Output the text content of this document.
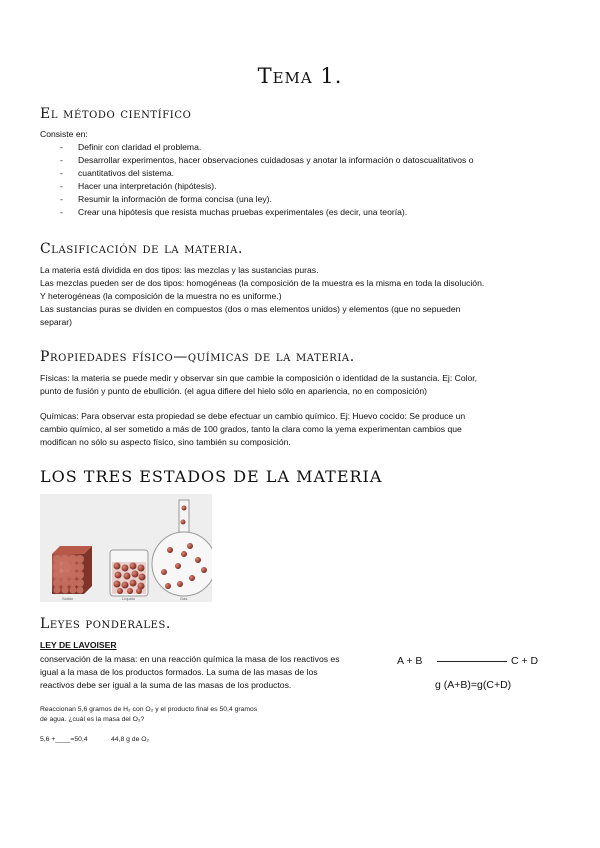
Tema 1.
El método científico
Consiste en:
- Definir con claridad el problema.
- Desarrollar experimentos, hacer observaciones cuidadosas y anotar la información o datoscualitativos o
- cuantitativos del sistema.
- Hacer una interpretación (hipótesis).
- Resumir la información de forma concisa (una ley).
- Crear una hipótesis que resista muchas pruebas experimentales (es decir, una teoría).
Clasificación de la materia.
La materia está dividida en dos tipos: las mezclas y las sustancias puras.
Las mezclas pueden ser de dos tipos: homogéneas (la composición de la muestra es la misma en toda la disolución.
Y heterogéneas (la composición de la muestra no es uniforme.)
Las sustancias puras se dividen en compuestos (dos o mas elementos unidos) y elementos (que no sepueden
separar)
Propiedades físico—químicas de la materia.
Físicas: la materia se puede medir y observar sin que cambie la composición o identidad de la sustancia. Ej: Color,
punto de fusión y punto de ebullición. (el agua difiere del hielo sólo en apariencia, no en composición)
Químicas: Para observar esta propiedad se debe efectuar un cambio químico. Ej: Huevo cocido: Se produce un
cambio químico, al ser sometido a más de 100 grados, tanto la clara como la yema experimentan cambios que
modifican no sólo su aspecto físico, sino también su composición.
LOS TRES ESTADOS DE LA MATERIA
Sólido	Líquido	Gas
Leyes ponderales.
LEY DE LAVOISER
conservación de la masa: en una reacción química la masa de los reactivos es
igual a la masa de los productos formados. La suma de las masas de los
reactivos debe ser igual a la suma de las masas de los productos.
A + B	C + D
g (A+B)=g(C+D)
Reaccionan 5,6 gramos de H₂ con O₂ y el producto final es 50,4 gramos
de agua. ¿cuál es la masa del O₂?
5,6 +____=50,4	44,8 g de O₂
